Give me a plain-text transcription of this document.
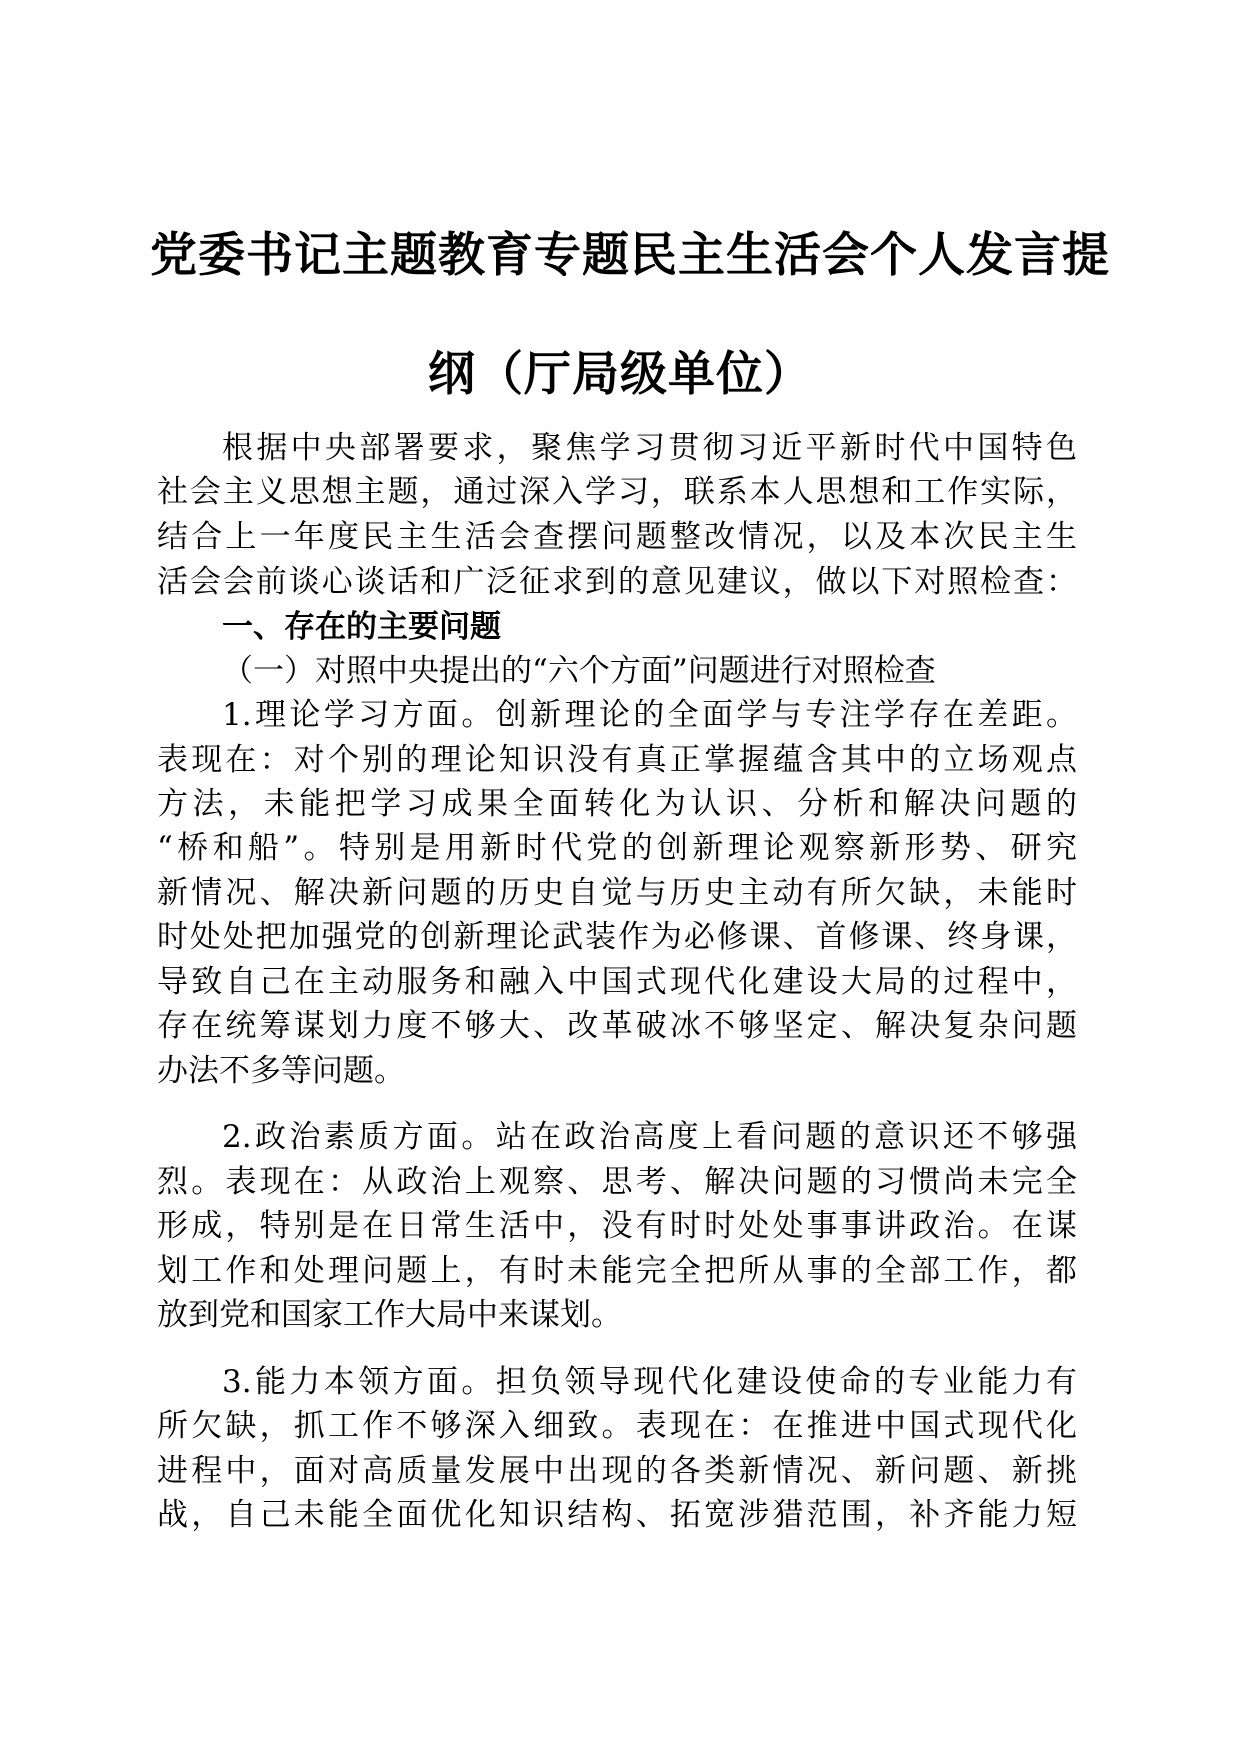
党委书记主题教育专题民主生活会个人发言提
纲（厅局级单位）
根据中央部署要求，聚焦学习贯彻习近平新时代中国特色
社会主义思想主题，通过深入学习，联系本人思想和工作实际，
结合上一年度民主生活会查摆问题整改情况，以及本次民主生
活会会前谈心谈话和广泛征求到的意见建议，做以下对照检查：
一、存在的主要问题
（一）对照中央提出的“六个方面”问题进行对照检查
1.理论学习方面。创新理论的全面学与专注学存在差距。
表现在：对个别的理论知识没有真正掌握蕴含其中的立场观点
方法，未能把学习成果全面转化为认识、分析和解决问题的
“桥和船”。特别是用新时代党的创新理论观察新形势、研究
新情况、解决新问题的历史自觉与历史主动有所欠缺，未能时
时处处把加强党的创新理论武装作为必修课、首修课、终身课，
导致自己在主动服务和融入中国式现代化建设大局的过程中，
存在统筹谋划力度不够大、改革破冰不够坚定、解决复杂问题
办法不多等问题。
2.政治素质方面。站在政治高度上看问题的意识还不够强
烈。表现在：从政治上观察、思考、解决问题的习惯尚未完全
形成，特别是在日常生活中，没有时时处处事事讲政治。在谋
划工作和处理问题上，有时未能完全把所从事的全部工作，都
放到党和国家工作大局中来谋划。
3.能力本领方面。担负领导现代化建设使命的专业能力有
所欠缺，抓工作不够深入细致。表现在：在推进中国式现代化
进程中，面对高质量发展中出现的各类新情况、新问题、新挑
战，自己未能全面优化知识结构、拓宽涉猎范围，补齐能力短
